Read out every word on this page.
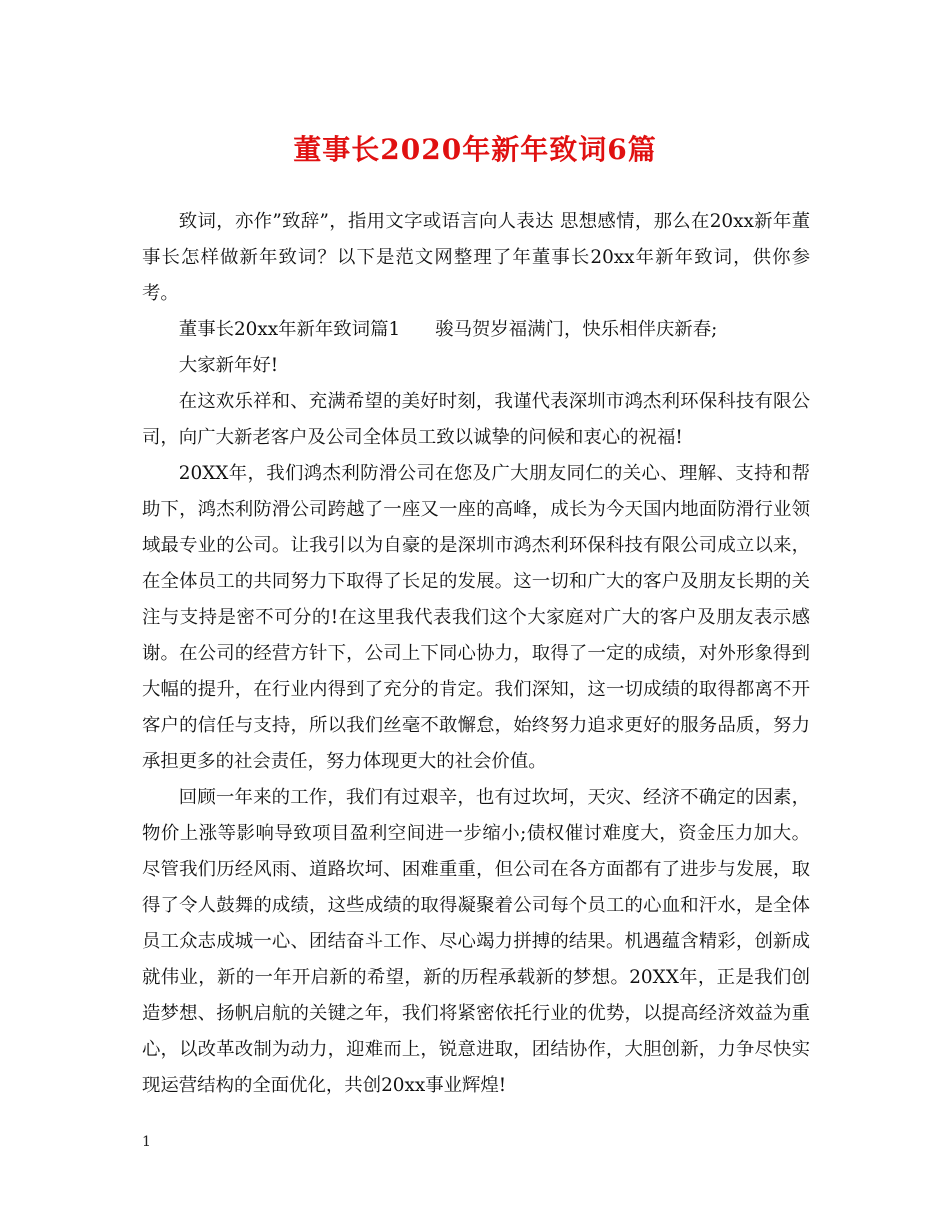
董事长2020年新年致词6篇

致词，亦作”致辞”，指用文字或语言向人表达 思想感情，那么在20xx新年董事长怎样做新年致词？以下是范文网整理了年董事长20xx年新年致词，供你参考。

董事长20xx年新年致词篇1      骏马贺岁福满门，快乐相伴庆新春;

大家新年好!

在这欢乐祥和、充满希望的美好时刻，我谨代表深圳市鸿杰利环保科技有限公司，向广大新老客户及公司全体员工致以诚挚的问候和衷心的祝福!

20XX年，我们鸿杰利防滑公司在您及广大朋友同仁的关心、理解、支持和帮助下，鸿杰利防滑公司跨越了一座又一座的高峰，成长为今天国内地面防滑行业领域最专业的公司。让我引以为自豪的是深圳市鸿杰利环保科技有限公司成立以来，在全体员工的共同努力下取得了长足的发展。这一切和广大的客户及朋友长期的关注与支持是密不可分的!在这里我代表我们这个大家庭对广大的客户及朋友表示感谢。在公司的经营方针下，公司上下同心协力，取得了一定的成绩，对外形象得到大幅的提升，在行业内得到了充分的肯定。我们深知，这一切成绩的取得都离不开客户的信任与支持，所以我们丝毫不敢懈怠，始终努力追求更好的服务品质，努力承担更多的社会责任，努力体现更大的社会价值。

回顾一年来的工作，我们有过艰辛，也有过坎坷，天灾、经济不确定的因素，物价上涨等影响导致项目盈利空间进一步缩小;债权催讨难度大，资金压力加大。尽管我们历经风雨、道路坎坷、困难重重，但公司在各方面都有了进步与发展，取得了令人鼓舞的成绩，这些成绩的取得凝聚着公司每个员工的心血和汗水，是全体员工众志成城一心、团结奋斗工作、尽心竭力拼搏的结果。机遇蕴含精彩，创新成就伟业，新的一年开启新的希望，新的历程承载新的梦想。20XX年，正是我们创造梦想、扬帆启航的关键之年，我们将紧密依托行业的优势，以提高经济效益为重心，以改革改制为动力，迎难而上，锐意进取，团结协作，大胆创新，力争尽快实现运营结构的全面优化，共创20xx事业辉煌!

1
